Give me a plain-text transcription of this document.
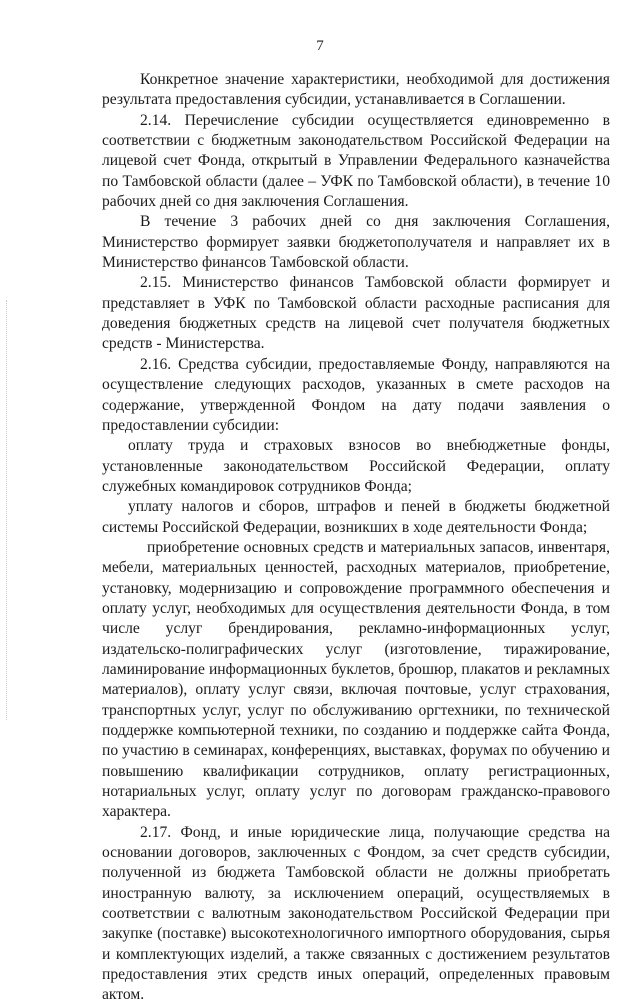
7

Конкретное значение характеристики, необходимой для достижения результата предоставления субсидии, устанавливается в Соглашении.

2.14. Перечисление субсидии осуществляется единовременно в соответствии с бюджетным законодательством Российской Федерации на лицевой счет Фонда, открытый в Управлении Федерального казначейства по Тамбовской области (далее – УФК по Тамбовской области), в течение 10 рабочих дней со дня заключения Соглашения.

В течение 3 рабочих дней со дня заключения Соглашения, Министерство формирует заявки бюджетополучателя и направляет их в Министерство финансов Тамбовской области.

2.15. Министерство финансов Тамбовской области формирует и представляет в УФК по Тамбовской области расходные расписания для доведения бюджетных средств на лицевой счет получателя бюджетных средств - Министерства.

2.16. Средства субсидии, предоставляемые Фонду, направляются на осуществление следующих расходов, указанных в смете расходов на содержание, утвержденной Фондом на дату подачи заявления о предоставлении субсидии:

оплату труда и страховых взносов во внебюджетные фонды, установленные законодательством Российской Федерации, оплату служебных командировок сотрудников Фонда;

уплату налогов и сборов, штрафов и пеней в бюджеты бюджетной системы Российской Федерации, возникших в ходе деятельности Фонда;

приобретение основных средств и материальных запасов, инвентаря, мебели, материальных ценностей, расходных материалов, приобретение, установку, модернизацию и сопровождение программного обеспечения и оплату услуг, необходимых для осуществления деятельности Фонда, в том числе услуг брендирования, рекламно-информационных услуг, издательско-полиграфических услуг (изготовление, тиражирование, ламинирование информационных буклетов, брошюр, плакатов и рекламных материалов), оплату услуг связи, включая почтовые, услуг страхования, транспортных услуг, услуг по обслуживанию оргтехники, по технической поддержке компьютерной техники, по созданию и поддержке сайта Фонда, по участию в семинарах, конференциях, выставках, форумах по обучению и повышению квалификации сотрудников, оплату регистрационных, нотариальных услуг, оплату услуг по договорам гражданско-правового характера.

2.17. Фонд, и иные юридические лица, получающие средства на основании договоров, заключенных с Фондом, за счет средств субсидии, полученной из бюджета Тамбовской области не должны приобретать иностранную валюту, за исключением операций, осуществляемых в соответствии с валютным законодательством Российской Федерации при закупке (поставке) высокотехнологичного импортного оборудования, сырья и комплектующих изделий, а также связанных с достижением результатов предоставления этих средств иных операций, определенных правовым актом.
